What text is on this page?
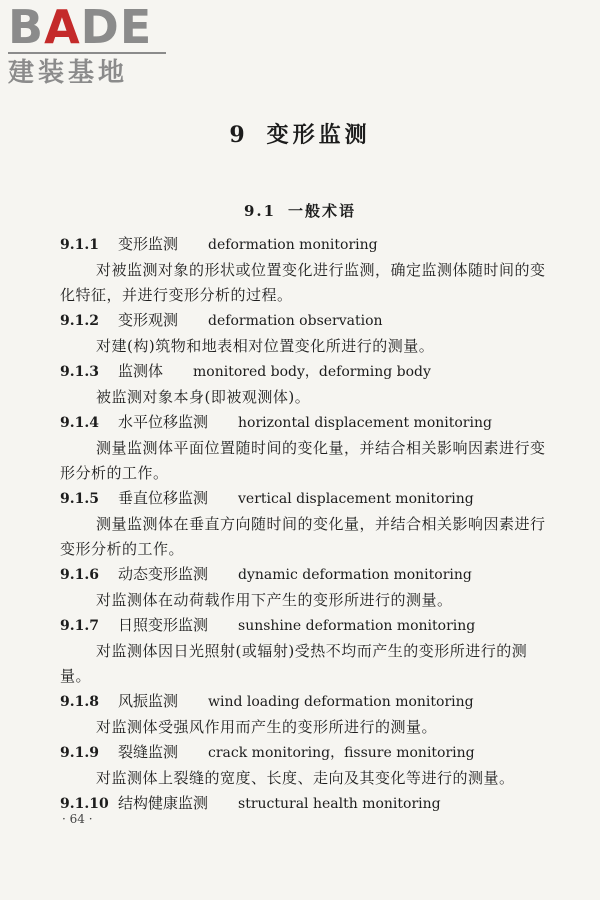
BADE
建装基地
9 变形监测
9.1 一般术语
9.1.1 变形监测 deformation monitoring
对被监测对象的形状或位置变化进行监测，确定监测体随时间的变化特征，并进行变形分析的过程。
9.1.2 变形观测 deformation observation
对建(构)筑物和地表相对位置变化所进行的测量。
9.1.3 监测体 monitored body，deforming body
被监测对象本身(即被观测体)。
9.1.4 水平位移监测 horizontal displacement monitoring
测量监测体平面位置随时间的变化量，并结合相关影响因素进行变形分析的工作。
9.1.5 垂直位移监测 vertical displacement monitoring
测量监测体在垂直方向随时间的变化量，并结合相关影响因素进行变形分析的工作。
9.1.6 动态变形监测 dynamic deformation monitoring
对监测体在动荷载作用下产生的变形所进行的测量。
9.1.7 日照变形监测 sunshine deformation monitoring
对监测体因日光照射(或辐射)受热不均而产生的变形所进行的测量。
9.1.8 风振监测 wind loading deformation monitoring
对监测体受强风作用而产生的变形所进行的测量。
9.1.9 裂缝监测 crack monitoring，fissure monitoring
对监测体上裂缝的宽度、长度、走向及其变化等进行的测量。
9.1.10 结构健康监测 structural health monitoring
· 64 ·
